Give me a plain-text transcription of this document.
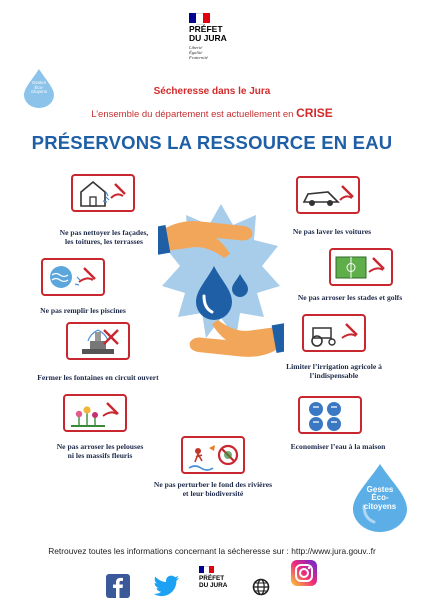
PRÉFET
DU JURA
Liberté
Égalité
Fraternité
Gestes
Éco-
citoyens	Sécheresse dans le Jura
L’ensemble du département est actuellement en CRISE
PRÉSERVONS LA RESSOURCE EN EAU
Ne pas nettoyer les façades,
les toitures, les terrasses
Ne pas remplir les piscines
Fermer les fontaines en circuit ouvert
Ne pas arroser les pelouses
ni les massifs fleuris
Ne pas perturber le fond des rivières
et leur biodiversité
Ne pas laver les voitures
Ne pas arroser les stades et golfs
Limiter l’irrigation agricole à
l’indispensable
Economiser l’eau à la maison
Gestes
Éco-
citoyens
Retrouvez toutes les informations concernant la sécheresse sur : http://www.jura.gouv..fr
PRÉFET
DU JURA
